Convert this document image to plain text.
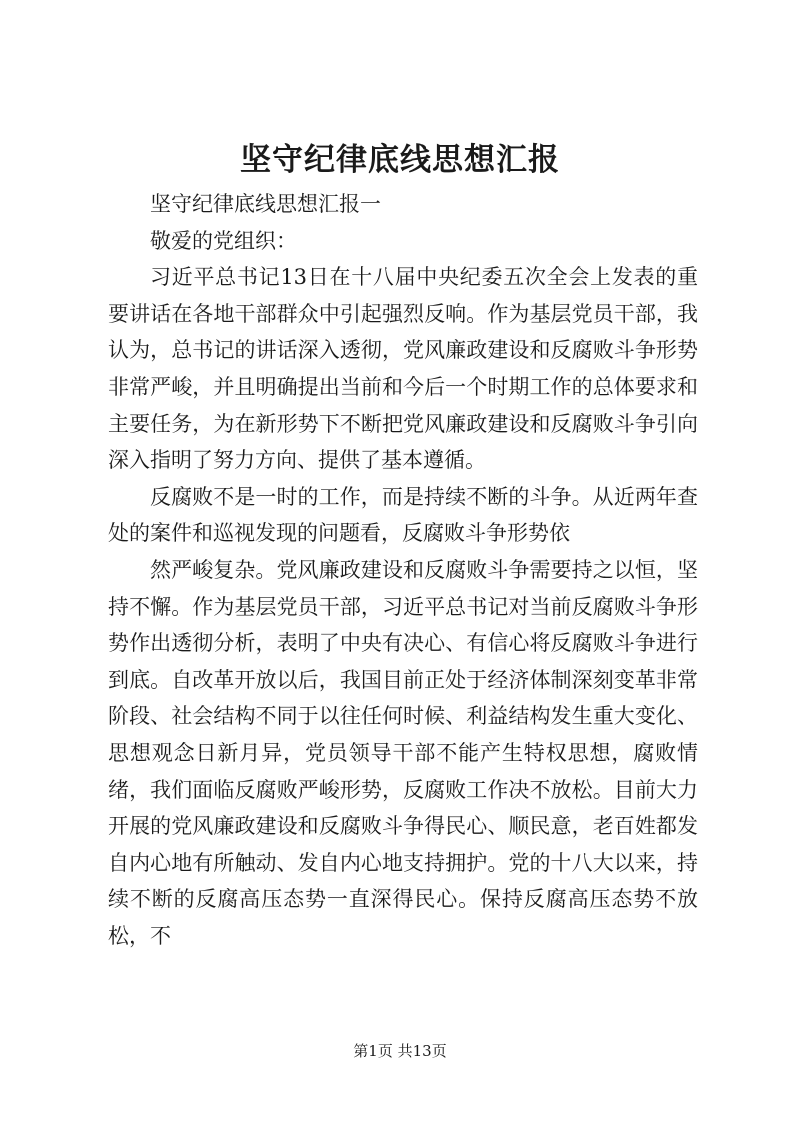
坚守纪律底线思想汇报

坚守纪律底线思想汇报一

敬爱的党组织：

习近平总书记13日在十八届中央纪委五次全会上发表的重要讲话在各地干部群众中引起强烈反响。作为基层党员干部，我认为，总书记的讲话深入透彻，党风廉政建设和反腐败斗争形势非常严峻，并且明确提出当前和今后一个时期工作的总体要求和主要任务，为在新形势下不断把党风廉政建设和反腐败斗争引向深入指明了努力方向、提供了基本遵循。

反腐败不是一时的工作，而是持续不断的斗争。从近两年查处的案件和巡视发现的问题看，反腐败斗争形势依

然严峻复杂。党风廉政建设和反腐败斗争需要持之以恒，坚持不懈。作为基层党员干部，习近平总书记对当前反腐败斗争形势作出透彻分析，表明了中央有决心、有信心将反腐败斗争进行到底。自改革开放以后，我国目前正处于经济体制深刻变革非常阶段、社会结构不同于以往任何时候、利益结构发生重大变化、思想观念日新月异，党员领导干部不能产生特权思想，腐败情绪，我们面临反腐败严峻形势，反腐败工作决不放松。目前大力开展的党风廉政建设和反腐败斗争得民心、顺民意，老百姓都发自内心地有所触动、发自内心地支持拥护。党的十八大以来，持续不断的反腐高压态势一直深得民心。保持反腐高压态势不放松，不

第1页 共13页
